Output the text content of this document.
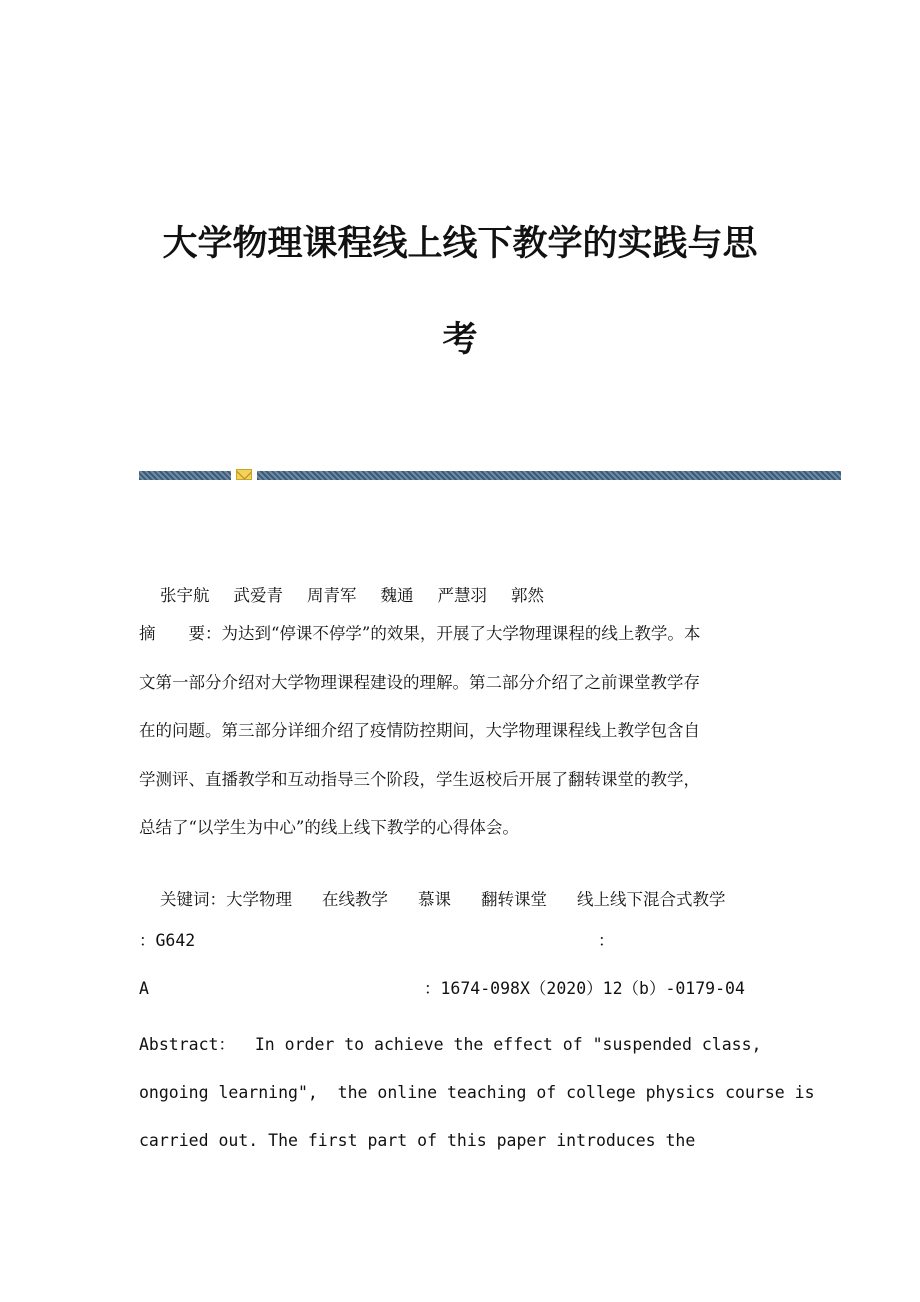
大学物理课程线上线下教学的实践与思
考

张宇航 武爱青 周青军 魏通 严慧羽 郭然

摘　　要：为达到“停课不停学”的效果，开展了大学物理课程的线上教学。本
文第一部分介绍对大学物理课程建设的理解。第二部分介绍了之前课堂教学存
在的问题。第三部分详细介绍了疫情防控期间，大学物理课程线上教学包含自
学测评、直播教学和互动指导三个阶段，学生返校后开展了翻转课堂的教学，
总结了“以学生为中心”的线上线下教学的心得体会。

关键词：大学物理 在线教学 慕课 翻转课堂 线上线下混合式教学

：G642	：
A	：1674-098X（2020）12（b）-0179-04
Abstract：  In order to achieve the effect of "suspended class,
ongoing learning",  the online teaching of college physics course is
carried out. The first part of this paper introduces the
